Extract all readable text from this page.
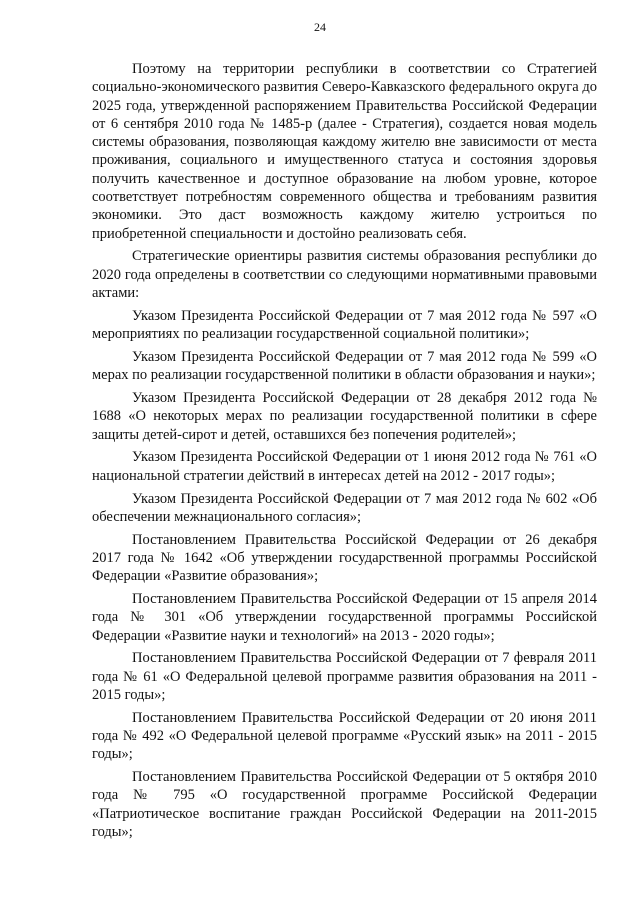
24

Поэтому на территории республики в соответствии со Стратегией социально-экономического развития Северо-Кавказского федерального округа до 2025 года, утвержденной распоряжением Правительства Российской Федерации от 6 сентября 2010 года № 1485-р (далее - Стратегия), создается новая модель системы образования, позволяющая каждому жителю вне зависимости от места проживания, социального и имущественного статуса и состояния здоровья получить качественное и доступное образование на любом уровне, которое соответствует потребностям современного общества и требованиям развития экономики. Это даст возможность каждому жителю устроиться по приобретенной специальности и достойно реализовать себя.

Стратегические ориентиры развития системы образования республики до 2020 года определены в соответствии со следующими нормативными правовыми актами:

Указом Президента Российской Федерации от 7 мая 2012 года № 597 «О мероприятиях по реализации государственной социальной политики»;

Указом Президента Российской Федерации от 7 мая 2012 года № 599 «О мерах по реализации государственной политики в области образования и науки»;

Указом Президента Российской Федерации от 28 декабря 2012 года № 1688 «О некоторых мерах по реализации государственной политики в сфере защиты детей-сирот и детей, оставшихся без попечения родителей»;

Указом Президента Российской Федерации от 1 июня 2012 года № 761 «О национальной стратегии действий в интересах детей на 2012 - 2017 годы»;

Указом Президента Российской Федерации от 7 мая 2012 года № 602 «Об обеспечении межнационального согласия»;

Постановлением Правительства Российской Федерации от 26 декабря 2017 года № 1642 «Об утверждении государственной программы Российской Федерации «Развитие образования»;

Постановлением Правительства Российской Федерации от 15 апреля 2014 года № 301 «Об утверждении государственной программы Российской Федерации «Развитие науки и технологий» на 2013 - 2020 годы»;

Постановлением Правительства Российской Федерации от 7 февраля 2011 года № 61 «О Федеральной целевой программе развития образования на 2011 - 2015 годы»;

Постановлением Правительства Российской Федерации от 20 июня 2011 года № 492 «О Федеральной целевой программе «Русский язык» на 2011 - 2015 годы»;

Постановлением Правительства Российской Федерации от 5 октября 2010 года № 795 «О государственной программе Российской Федерации «Патриотическое воспитание граждан Российской Федерации на 2011-2015 годы»;
